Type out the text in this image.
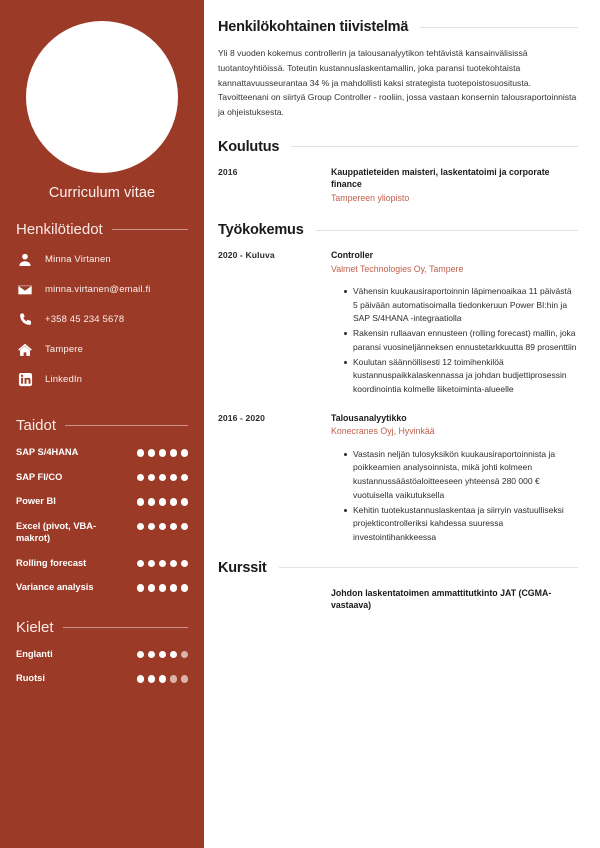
Curriculum vitae
Henkilötiedot
Minna Virtanen
minna.virtanen@email.fi
+358 45 234 5678
Tampere
LinkedIn
Taidot
SAP S/4HANA
SAP FI/CO
Power BI
Excel (pivot, VBA-makrot)
Rolling forecast
Variance analysis
Kielet
Englanti
Ruotsi
Henkilökohtainen tiivistelmä

Yli 8 vuoden kokemus controllerin ja talousanalyytikon tehtävistä kansainvälisissä tuotantoyhtiöissä. Toteutin kustannuslaskentamallin, joka paransi tuotekohtaista kannattavuusseurantaa 34 % ja mahdollisti kaksi strategista tuotepoistosuositusta. Tavoitteenani on siirtyä Group Controller - rooliin, jossa vastaan konsernin talousraportoinnista ja ohjeistuksesta.

Koulutus
2016	Kauppatieteiden maisteri, laskentatoimi ja corporate finance
Tampereen yliopisto
Työkokemus
2020 - Kuluva	Controller
Valmet Technologies Oy, Tampere
Vähensin kuukausiraportoinnin läpimenoaikaa 11 päivästä 5 päivään automatisoimalla tiedonkeruun Power BI:hin ja SAP S/4HANA -integraatiolla
Rakensin rullaavan ennusteen (rolling forecast) mallin, joka paransi vuosineljänneksen ennustetarkkuutta 89 prosenttiin
Koulutan säännöllisesti 12 toimihenkilöä kustannuspaikkalaskennassa ja johdan budjettiprosessin koordinointia kolmelle liiketoiminta-alueelle
2016 - 2020	Talousanalyytikko
Konecranes Oyj, Hyvinkää
Vastasin neljän tulosyksikön kuukausiraportoinnista ja poikkeamien analysoinnista, mikä johti kolmeen kustannussäästöaloitteeseen yhteensä 280 000 € vuotuisella vaikutuksella
Kehitin tuotekustannuslaskentaa ja siirryin vastuulliseksi projekticontrolleriksi kahdessa suuressa investointihankkeessa
Kurssit
Johdon laskentatoimen ammattitutkinto JAT (CGMA-vastaava)
